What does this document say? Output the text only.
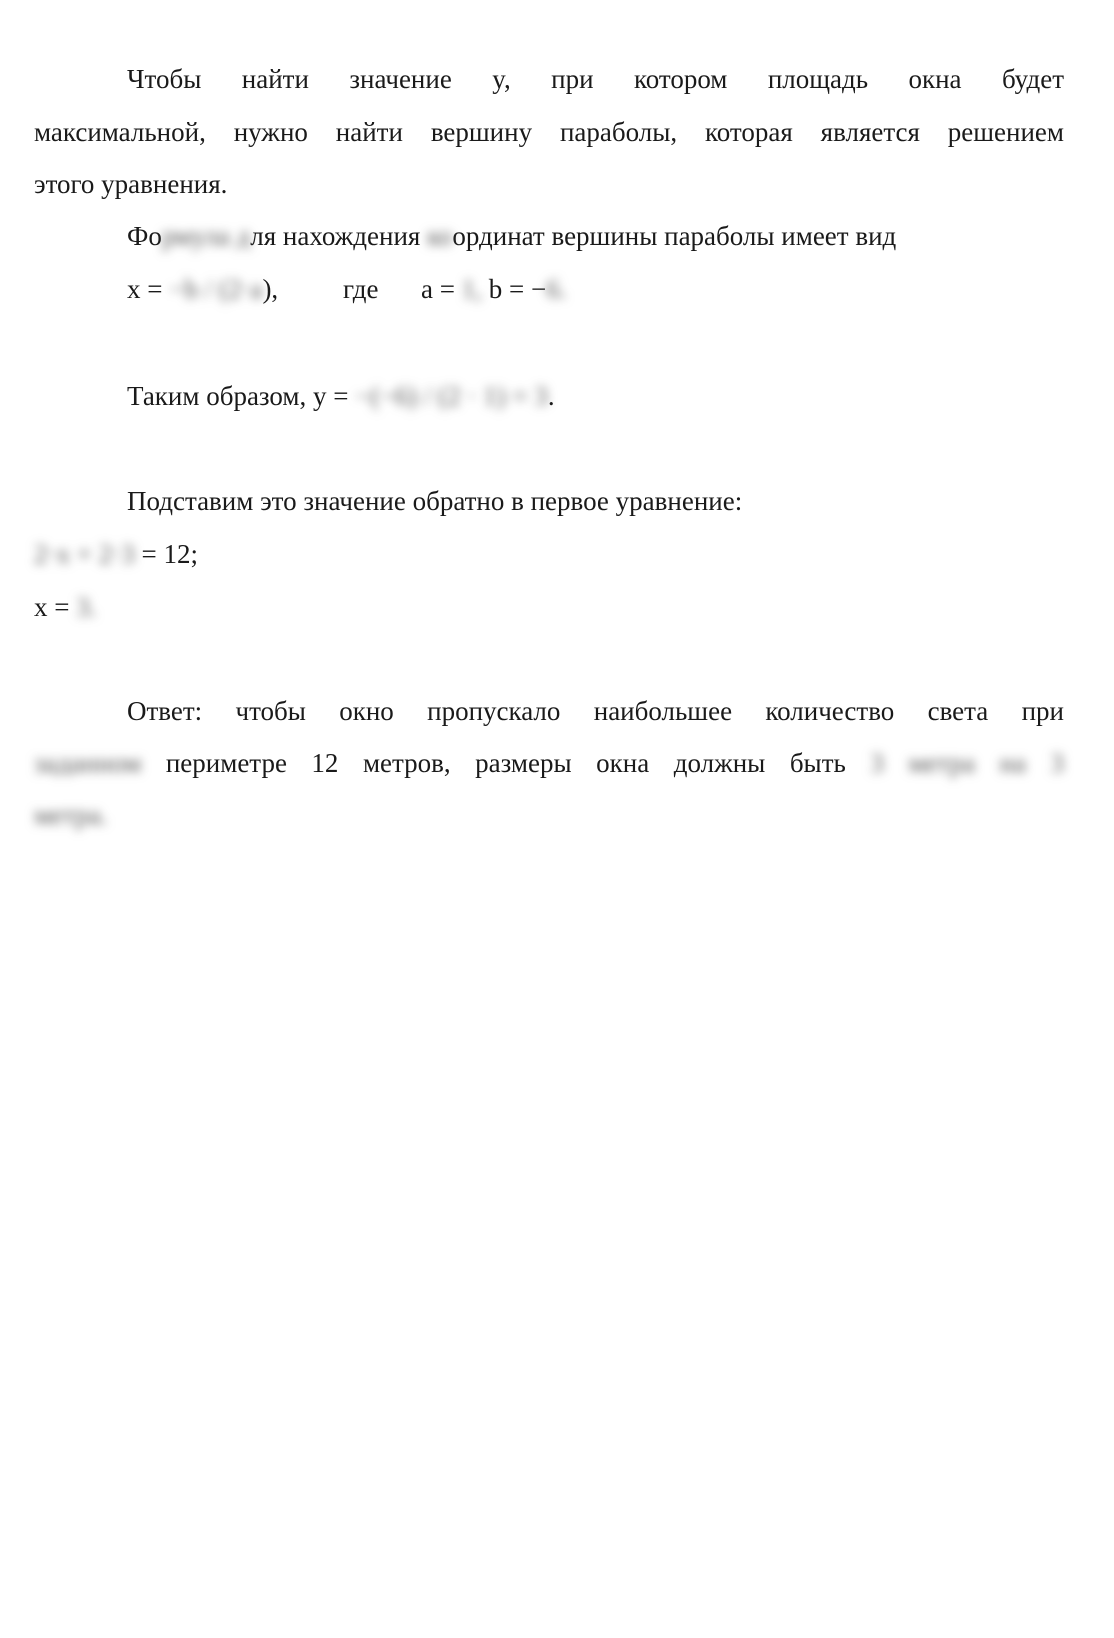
Чтобы найти значение y, при котором площадь окна будет
максимальной, нужно найти вершину параболы, которая является решением
этого уравнения.
Формула для нахождения координат вершины параболы имеет вид
x = −b / (2·a), где a = 1, b = −6.
Таким образом, y = −(−6) / (2 · 1) = 3.
Подставим это значение обратно в первое уравнение:
2·x + 2·3 = 12;
x = 3.
Ответ: чтобы окно пропускало наибольшее количество света при
заданном периметре 12 метров, размеры окна должны быть 3 метра на 3
метра.
